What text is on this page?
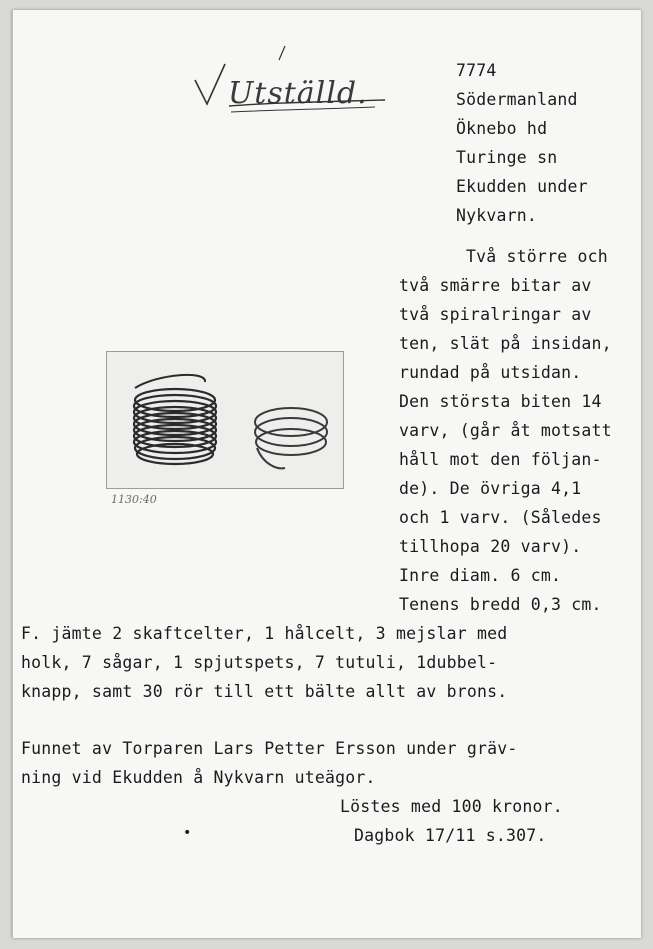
Utställd.
7774
Södermanland
Öknebo hd
Turinge sn
Ekudden under
Nykvarn.
1130:40
Två större och
två smärre bitar av
två spiralringar av
ten, slät på insidan,
rundad på utsidan.
Den största biten 14
varv, (går åt motsatt
håll mot den följan-
de). De övriga 4,1
och 1 varv. (Således
tillhopa 20 varv).
Inre diam. 6 cm.
Tenens bredd 0,3 cm.
F. jämte 2 skaftcelter, 1 hålcelt, 3 mejslar med
holk, 7 sågar, 1 spjutspets, 7 tutuli, 1dubbel-
knapp, samt 30 rör till ett bälte allt av brons.
Funnet av Torparen Lars Petter Ersson under gräv-
ning vid Ekudden å Nykvarn uteägor.
Löstes med 100 kronor.
•	Dagbok 17/11 s.307.
